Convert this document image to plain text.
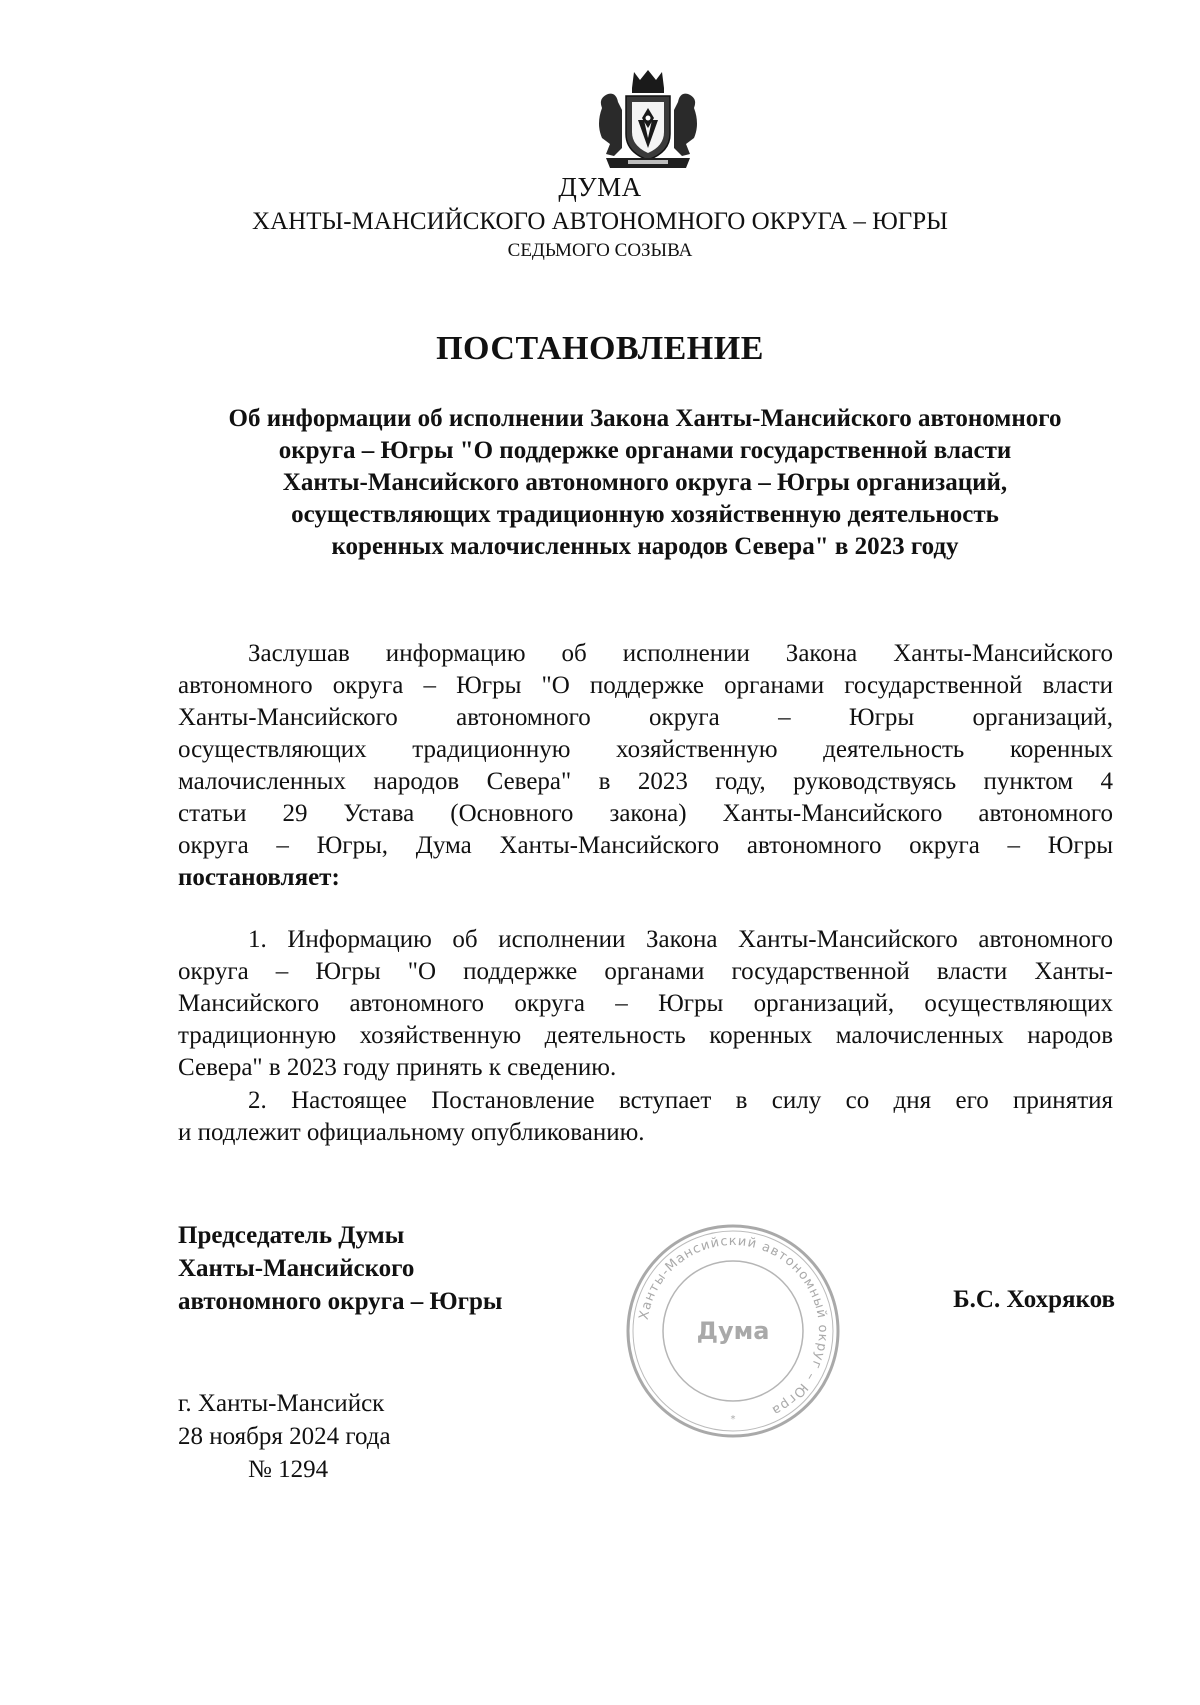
ДУМА
ХАНТЫ-МАНСИЙСКОГО АВТОНОМНОГО ОКРУГА – ЮГРЫ
СЕДЬМОГО СОЗЫВА
ПОСТАНОВЛЕНИЕ
Об информации об исполнении Закона Ханты-Мансийского автономного
округа – Югры "О поддержке органами государственной власти
Ханты-Мансийского автономного округа – Югры организаций,
осуществляющих традиционную хозяйственную деятельность
коренных малочисленных народов Севера" в 2023 году
Заслушав информацию об исполнении Закона Ханты-Мансийского
автономного округа – Югры "О поддержке органами государственной власти
Ханты-Мансийского автономного округа – Югры организаций,
осуществляющих традиционную хозяйственную деятельность коренных
малочисленных народов Севера" в 2023 году, руководствуясь пунктом 4
статьи 29 Устава (Основного закона) Ханты-Мансийского автономного
округа – Югры, Дума Ханты-Мансийского автономного округа – Югры
постановляет:
1. Информацию об исполнении Закона Ханты-Мансийского автономного
округа – Югры "О поддержке органами государственной власти Ханты-
Мансийского автономного округа – Югры организаций, осуществляющих
традиционную хозяйственную деятельность коренных малочисленных народов
Севера" в 2023 году принять к сведению.
2. Настоящее Постановление вступает в силу со дня его принятия
и подлежит официальному опубликованию.
Председатель Думы
Ханты-Мансийского
автономного округа – Югры	Ханты-Мансийский автономный округ – Югра
Дума
*
Б.С. Хохряков
г. Ханты-Мансийск
28 ноября 2024 года
№ 1294
